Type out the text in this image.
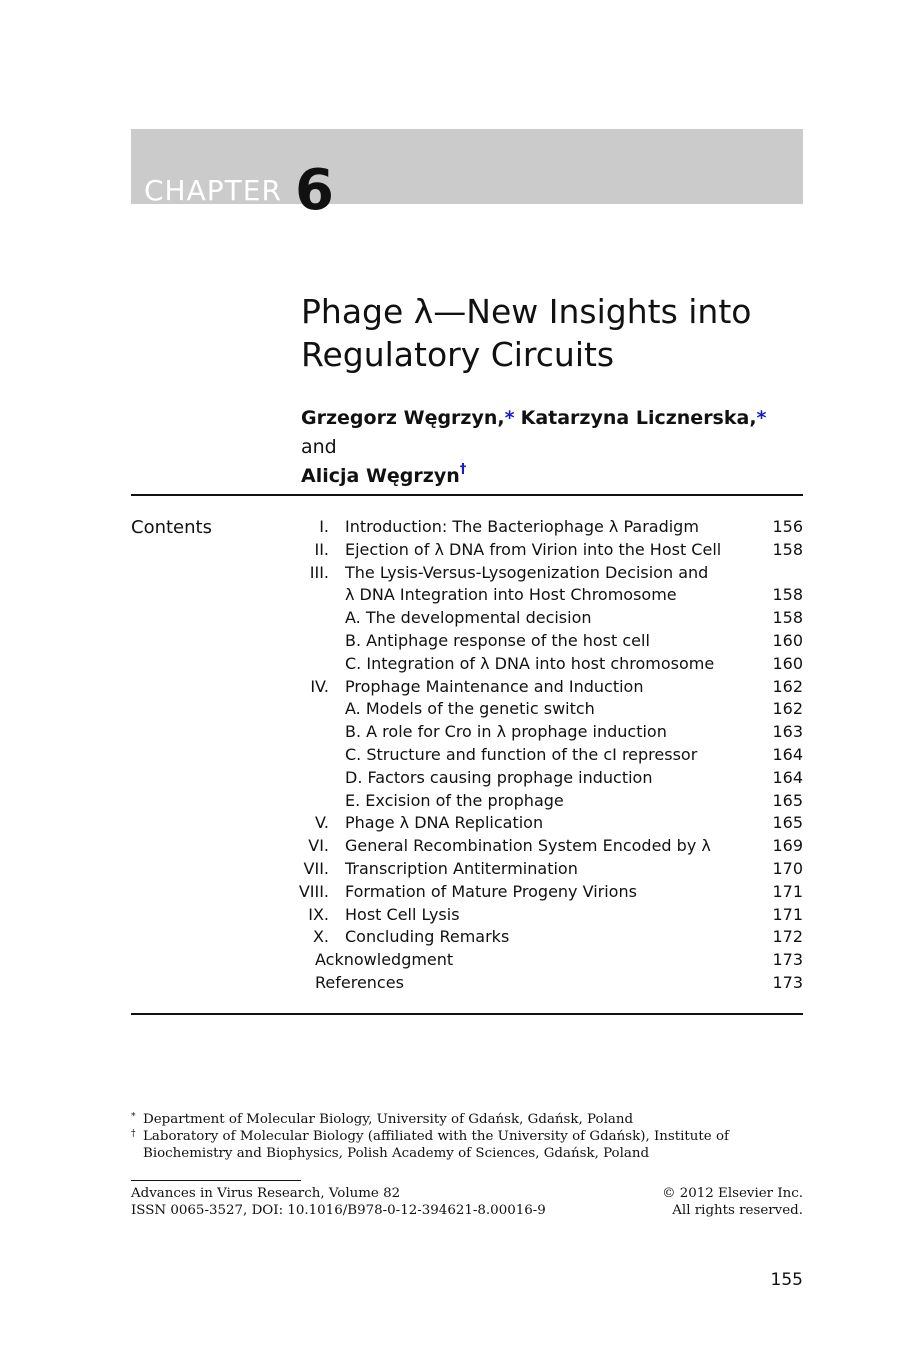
CHAPTER 6
Phage λ—New Insights into
Regulatory Circuits
Grzegorz Węgrzyn,* Katarzyna Licznerska,* and
Alicja Węgrzyn†
Contents	I. Introduction: The Bacteriophage λ Paradigm	156
II. Ejection of λ DNA from Virion into the Host Cell	158
III. The Lysis-Versus-Lysogenization Decision and
λ DNA Integration into Host Chromosome	158
A. The developmental decision	158
B. Antiphage response of the host cell	160
C. Integration of λ DNA into host chromosome	160
IV. Prophage Maintenance and Induction	162
A. Models of the genetic switch	162
B. A role for Cro in λ prophage induction	163
C. Structure and function of the cI repressor	164
D. Factors causing prophage induction	164
E. Excision of the prophage	165
V. Phage λ DNA Replication	165
VI. General Recombination System Encoded by λ	169
VII. Transcription Antitermination	170
VIII. Formation of Mature Progeny Virions	171
IX. Host Cell Lysis	171
X. Concluding Remarks	172
Acknowledgment	173
References	173
* Department of Molecular Biology, University of Gdańsk, Gdańsk, Poland
† Laboratory of Molecular Biology (affiliated with the University of Gdańsk), Institute of Biochemistry and Biophysics, Polish Academy of Sciences, Gdańsk, Poland
Advances in Virus Research, Volume 82
ISSN 0065-3527, DOI: 10.1016/B978-0-12-394621-8.00016-9
© 2012 Elsevier Inc.
All rights reserved.
155
